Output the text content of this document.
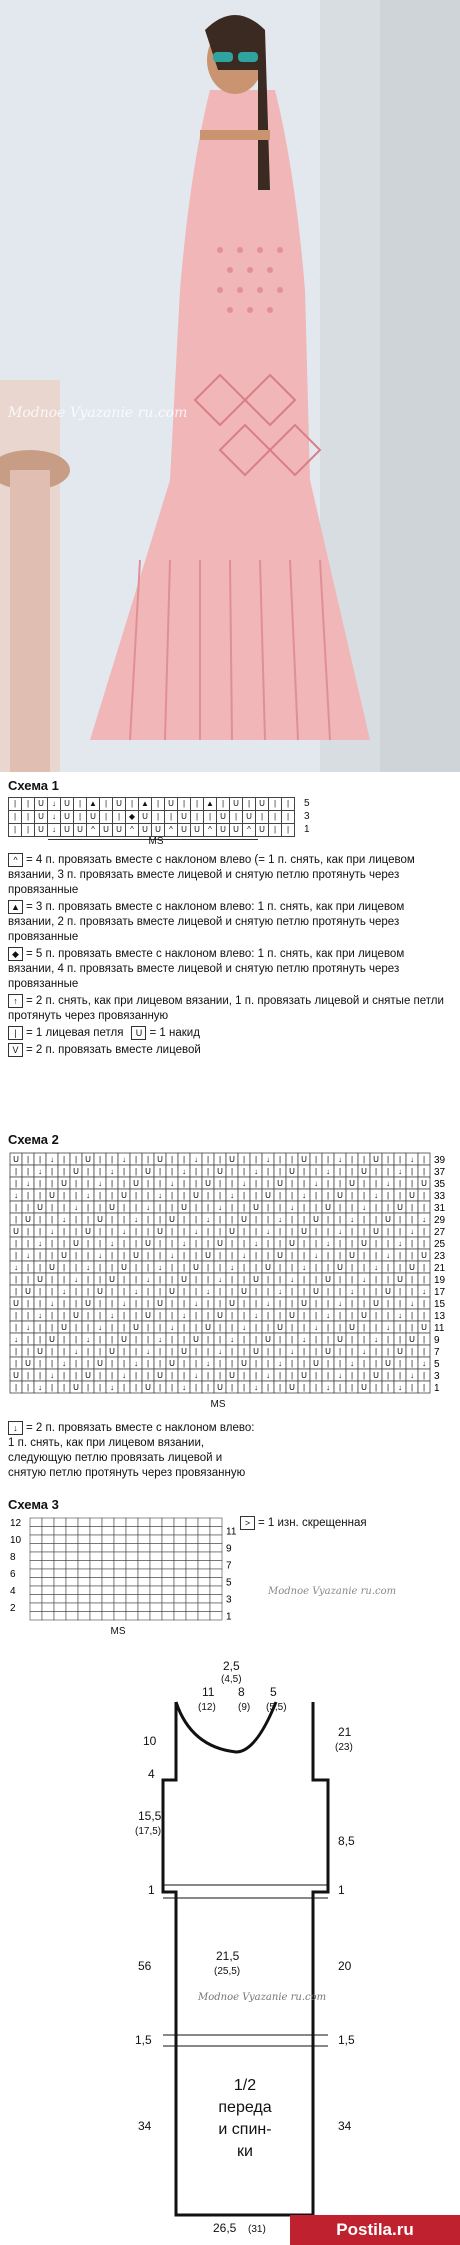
Modnoe Vyazanie ru.com
Схема 1
|	|	U	↓	U	|	▲	|	U	|	▲	|	U	|	|	▲	|	U	|	U	|	|
|	|	U	↓	U	|	U	|	|	◆	U	|	|	U	|	|	U	|	U	|	|	|
|	|	U	↓	U	U	^	U	U	^	U	U	^	U	U	^	U	U	^	U	|	|
5
3
1
MS
^ = 4 п. провязать вместе с наклоном влево (= 1 п. снять, как при лицевом вязании, 3 п. провязать вместе лицевой и снятую петлю протянуть через провязанные
▲ = 3 п. провязать вместе с наклоном влево: 1 п. снять, как при лицевом вязании, 2 п. провязать вместе лицевой и снятую петлю протянуть через провязанные
◆ = 5 п. провязать вместе с наклоном влево: 1 п. снять, как при лицевом вязании, 4 п. провязать вместе лицевой и снятую петлю протянуть через провязанные
↑ = 2 п. снять, как при лицевом вязании, 1 п. провязать лицевой и снятые петли протянуть через провязанную
| = 1 лицевая петля U = 1 накид
V = 2 п. провязать вместе лицевой
Схема 2
U | | ↓ | | U | | ↓ | | U | | ↓ | | U | | ↓ | | U | | ↓ | | U | | ↓ | 39
| | ↓ | | U | | ↓ | | U | | ↓ | | U | | ↓ | | U | | ↓ | | U | | ↓ | | 37
| ↓ | | U | | ↓ | | U | | ↓ | | U | | ↓ | | U | | ↓ | | U | | ↓ | | U 35
↓ | | U | | ↓ | | U | | ↓ | | U | | ↓ | | U | | ↓ | | U | | ↓ | | U | 33
| | U | | ↓ | | U | | ↓ | | U | | ↓ | | U | | ↓ | | U | | ↓ | | U | | 31
| U | | ↓ | | U | | ↓ | | U | | ↓ | | U | | ↓ | | U | | ↓ | | U | | ↓ 29
U | | ↓ | | U | | ↓ | | U | | ↓ | | U | | ↓ | | U | | ↓ | | U | | ↓ | 27
| | ↓ | | U | | ↓ | | U | | ↓ | | U | | ↓ | | U | | ↓ | | U | | ↓ | | 25
| ↓ | | U | | ↓ | | U | | ↓ | | U | | ↓ | | U | | ↓ | | U | | ↓ | | U 23
↓ | | U | | ↓ | | U | | ↓ | | U | | ↓ | | U | | ↓ | | U | | ↓ | | U | 21
| | U | | ↓ | | U | | ↓ | | U | | ↓ | | U | | ↓ | | U | | ↓ | | U | | 19
| U | | ↓ | | U | | ↓ | | U | | ↓ | | U | | ↓ | | U | | ↓ | | U | | ↓ 17
U | | ↓ | | U | | ↓ | | U | | ↓ | | U | | ↓ | | U | | ↓ | | U | | ↓ | 15
| | ↓ | | U | | ↓ | | U | | ↓ | | U | | ↓ | | U | | ↓ | | U | | ↓ | | 13
| ↓ | | U | | ↓ | | U | | ↓ | | U | | ↓ | | U | | ↓ | | U | | ↓ | | U 11
↓ | | U | | ↓ | | U | | ↓ | | U | | ↓ | | U | | ↓ | | U | | ↓ | | U | 9
| | U | | ↓ | | U | | ↓ | | U | | ↓ | | U | | ↓ | | U | | ↓ | | U | | 7
| U | | ↓ | | U | | ↓ | | U | | ↓ | | U | | ↓ | | U | | ↓ | | U | | ↓ 5
U | | ↓ | | U | | ↓ | | U | | ↓ | | U | | ↓ | | U | | ↓ | | U | | ↓ | 3
| | ↓ | | U | | ↓ | | U | | ↓ | | U | | ↓ | | U | | ↓ | | U | | ↓ | | 1
MS
↓ = 2 п. провязать вместе с наклоном влево: 1 п. снять, как при лицевом вязании, следующую петлю провязать лицевой и снятую петлю протянуть через провязанную
Схема 3
12
10
8
6
4
2
11
9
7
5
3
1
MS
> = 1 изн. скрещенная
Modnoe Vyazanie ru.com
2,5
(4,5)
11
(12)
8
(9)
5
(5,5)
10
4
15,5
(17,5)
1
56
1,5
34
21
(23)
8,5
1
20
1,5
34
21,5
(25,5)
1/2
переда
и спин-
ки
26,5 (31)
Modnoe Vyazanie ru.com
Postila.ru
